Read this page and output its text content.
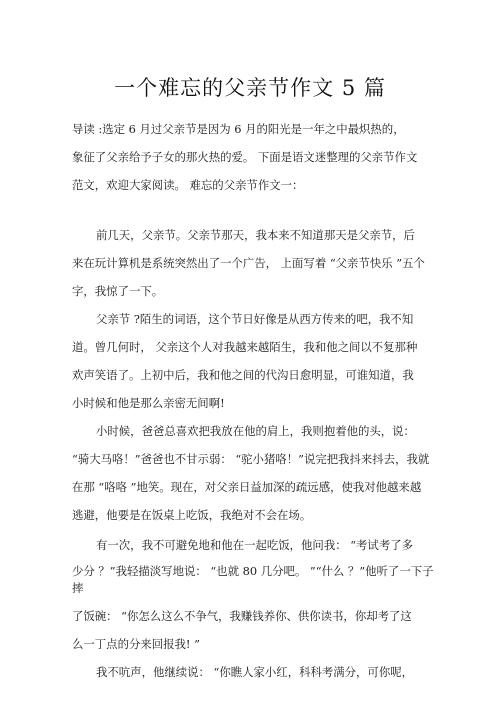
一个难忘的父亲节作文 5 篇
导读 :选定 6 月过父亲节是因为 6 月的阳光是一年之中最炽热的，
象征了父亲给予子女的那火热的爱。 下面是语文迷整理的父亲节作文
范文，欢迎大家阅读。 难忘的父亲节作文一：
前几天，父亲节。父亲节那天，我本来不知道那天是父亲节，后
来在玩计算机是系统突然出了一个广告， 上面写着 “父亲节快乐 ”五个
字，我惊了一下。
父亲节 ?陌生的词语，这个节日好像是从西方传来的吧，我不知
道。曾几何时， 父亲这个人对我越来越陌生，我和他之间以不复那种
欢声笑语了。上初中后，我和他之间的代沟日愈明显，可谁知道，我
小时候和他是那么亲密无间啊!
小时候，爸爸总喜欢把我放在他的肩上，我则抱着他的头，说：
“骑大马咯！”爸爸也不甘示弱： “驼小猪咯！”说完把我抖来抖去，我就
在那 “咯咯 ”地笑。现在，对父亲日益加深的疏远感，使我对他越来越
逃避，他要是在饭桌上吃饭，我绝对不会在场。
有一次，我不可避免地和他在一起吃饭，他问我： “考试考了多
少分 ？”我轻描淡写地说： “也就 80 几分吧。 ”“什么 ？”他听了一下子
摔
了饭碗： “你怎么这么不争气，我赚钱养你、供你读书，你却考了这
么一丁点的分来回报我! ”
我不吭声，他继续说： “你瞧人家小红，科科考满分，可你呢，
